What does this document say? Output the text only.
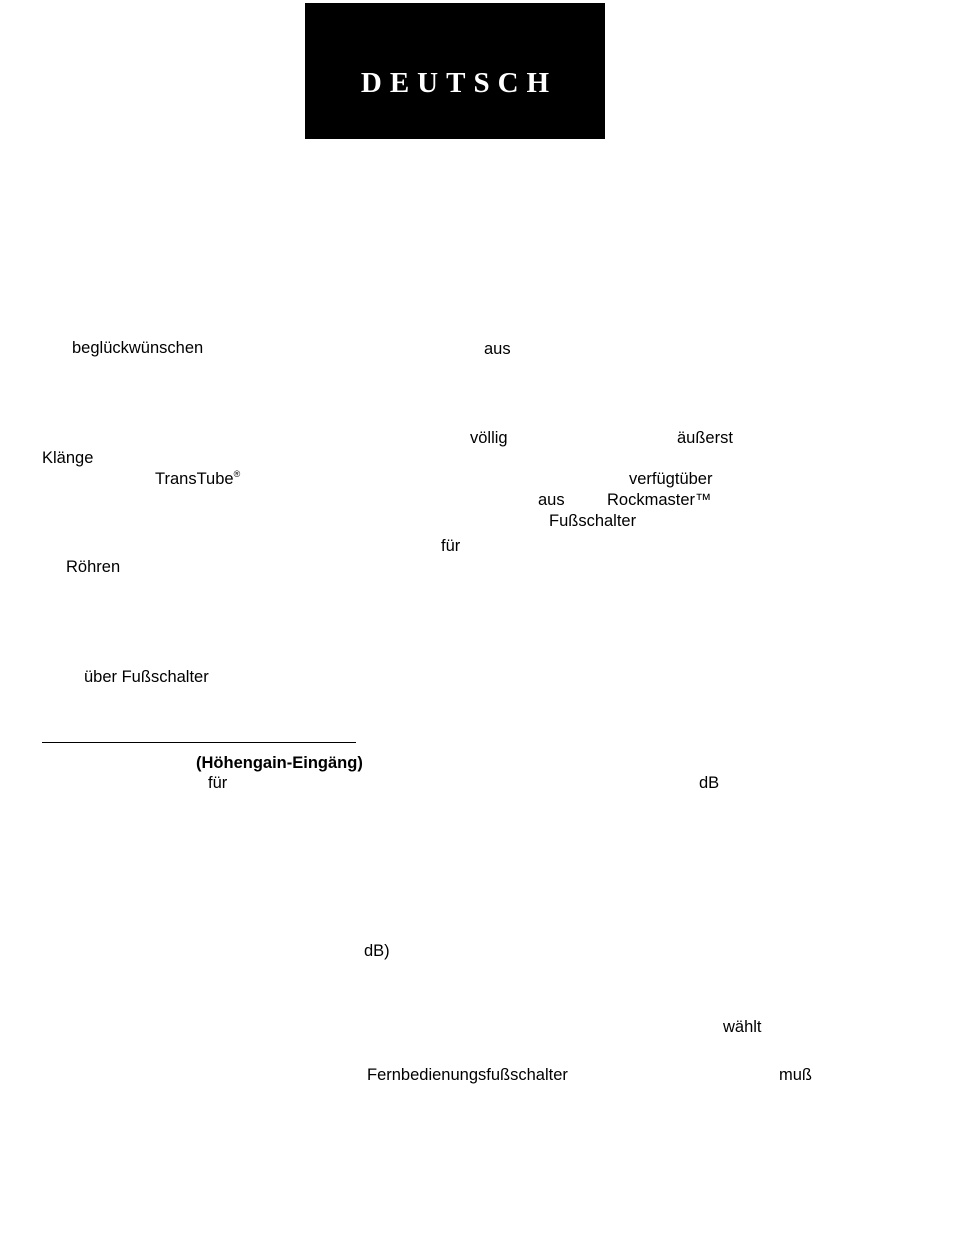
DEUTSCH
beglückwünschen	aus
völlig	äußerst
Klänge
TransTube®	verfügtüber
aus	Rockmaster™
Fußschalter
für
Röhren
über Fußschalter
(Höhengain-Eingäng)
für	dB
dB)
wählt
Fernbedienungsfußschalter	muß
